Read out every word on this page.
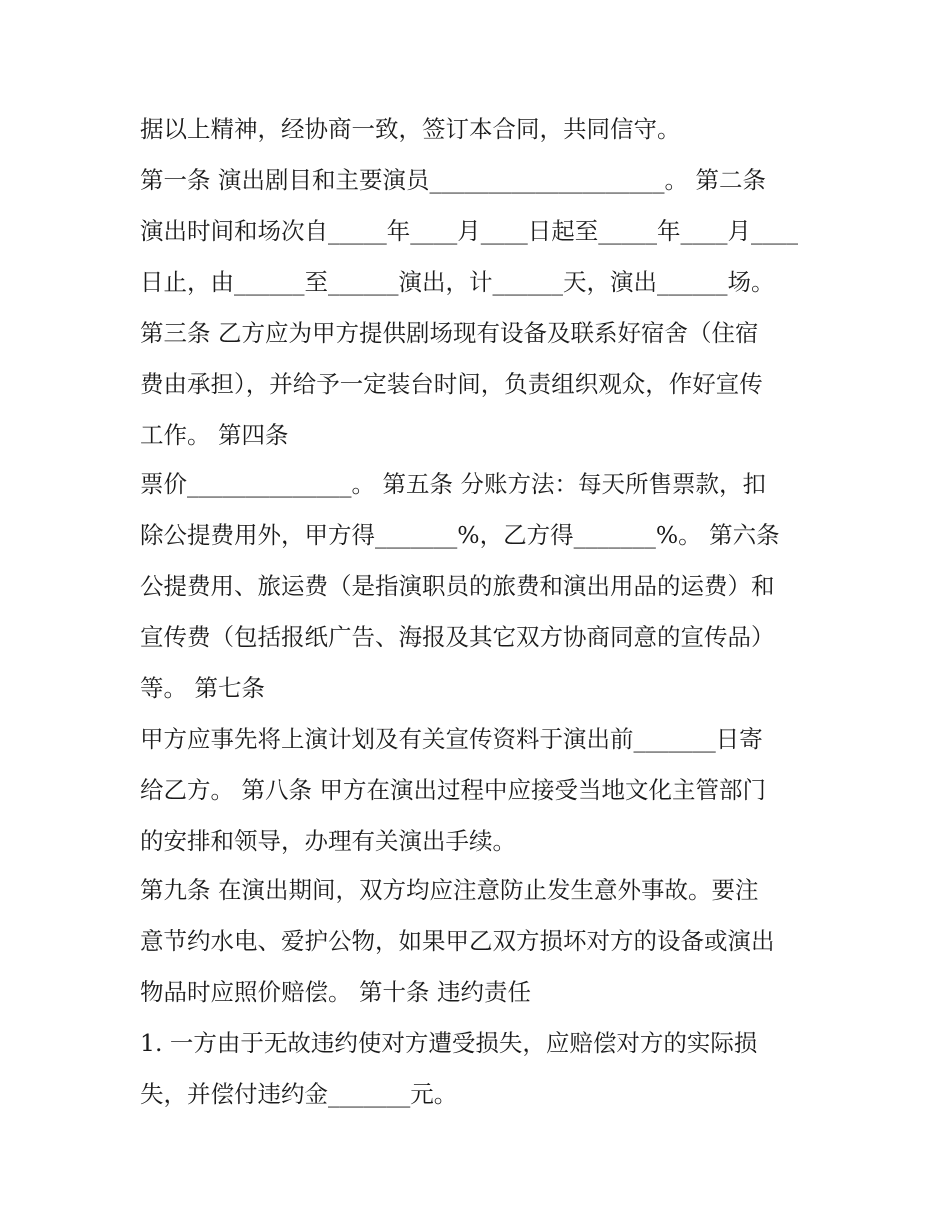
据以上精神，经协商一致，签订本合同，共同信守。
第一条 演出剧目和主要演员____________________。 第二条
演出时间和场次自_____年____月____日起至_____年____月____
日止，由______至______演出，计______天，演出______场。
第三条 乙方应为甲方提供剧场现有设备及联系好宿舍（住宿
费由承担），并给予一定装台时间，负责组织观众，作好宣传
工作。 第四条
票价______________。 第五条 分账方法：每天所售票款，扣
除公提费用外，甲方得_______%，乙方得_______%。 第六条
公提费用、旅运费（是指演职员的旅费和演出用品的运费）和
宣传费（包括报纸广告、海报及其它双方协商同意的宣传品）
等。 第七条
甲方应事先将上演计划及有关宣传资料于演出前_______日寄
给乙方。 第八条 甲方在演出过程中应接受当地文化主管部门
的安排和领导，办理有关演出手续。
第九条 在演出期间，双方均应注意防止发生意外事故。要注
意节约水电、爱护公物，如果甲乙双方损坏对方的设备或演出
物品时应照价赔偿。 第十条 违约责任
1. 一方由于无故违约使对方遭受损失，应赔偿对方的实际损
失，并偿付违约金_______元。
